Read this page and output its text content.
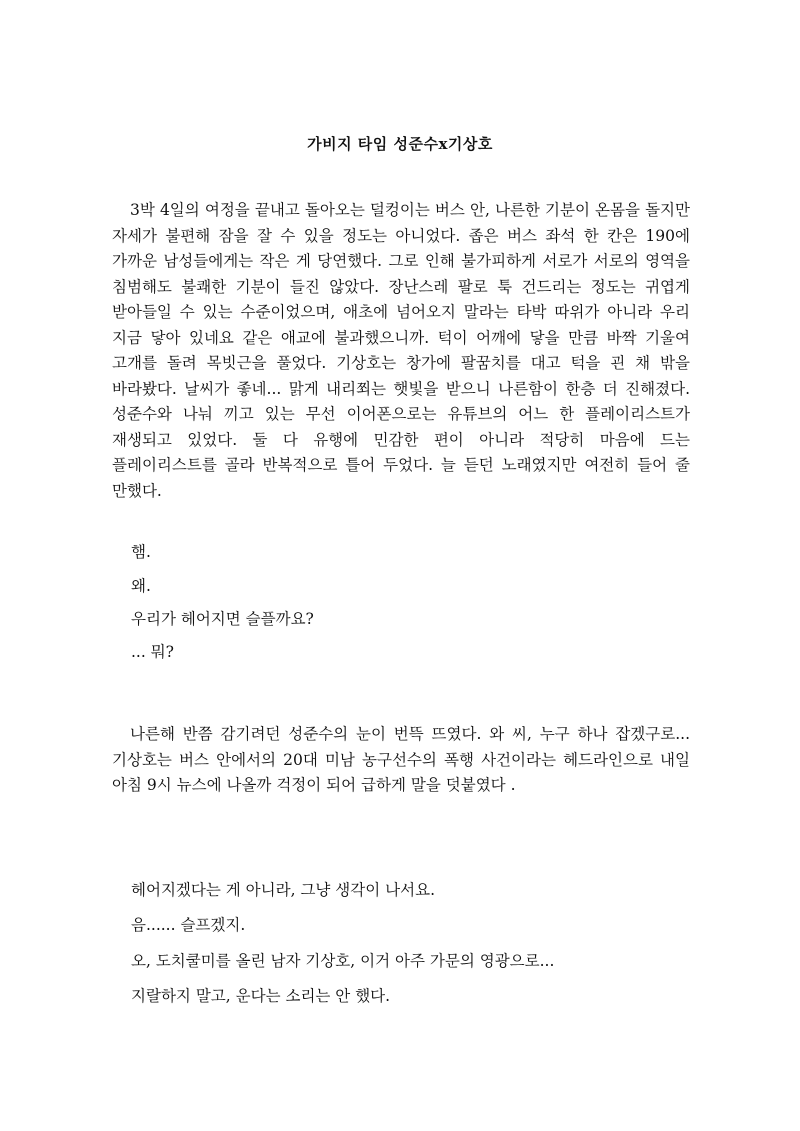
가비지 타임 성준수x기상호

3박 4일의 여정을 끝내고 돌아오는 덜컹이는 버스 안, 나른한 기분이 온몸을 돌지만 자세가 불편해 잠을 잘 수 있을 정도는 아니었다. 좁은 버스 좌석 한 칸은 190에 가까운 남성들에게는 작은 게 당연했다. 그로 인해 불가피하게 서로가 서로의 영역을 침범해도 불쾌한 기분이 들진 않았다. 장난스레 팔로 툭 건드리는 정도는 귀엽게 받아들일 수 있는 수준이었으며, 애초에 넘어오지 말라는 타박 따위가 아니라 우리 지금 닿아 있네요 같은 애교에 불과했으니까. 턱이 어깨에 닿을 만큼 바짝 기울여 고개를 돌려 목빗근을 풀었다. 기상호는 창가에 팔꿈치를 대고 턱을 괸 채 밖을 바라봤다. 날씨가 좋네... 맑게 내리쬐는 햇빛을 받으니 나른함이 한층 더 진해졌다. 성준수와 나눠 끼고 있는 무선 이어폰으로는 유튜브의 어느 한 플레이리스트가 재생되고 있었다. 둘 다 유행에 민감한 편이 아니라 적당히 마음에 드는 플레이리스트를 골라 반복적으로 틀어 두었다. 늘 듣던 노래였지만 여전히 들어 줄 만했다.

햄.

왜.

우리가 헤어지면 슬플까요?

... 뭐?

나른해 반쯤 감기려던 성준수의 눈이 번뜩 뜨였다. 와 씨, 누구 하나 잡겠구로... 기상호는 버스 안에서의 20대 미남 농구선수의 폭행 사건이라는 헤드라인으로 내일 아침 9시 뉴스에 나올까 걱정이 되어 급하게 말을 덧붙였다 .

헤어지겠다는 게 아니라, 그냥 생각이 나서요.

음...... 슬프겠지.

오, 도치쿨미를 올린 남자 기상호, 이거 아주 가문의 영광으로...

지랄하지 말고, 운다는 소리는 안 했다.
